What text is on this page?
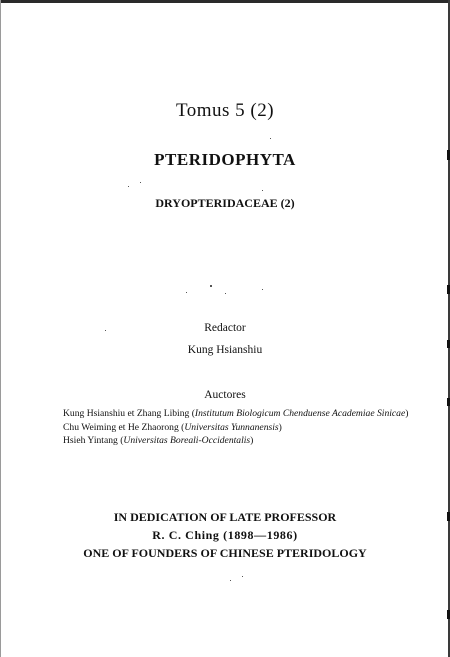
Tomus 5 (2)
PTERIDOPHYTA
DRYOPTERIDACEAE (2)
Redactor
Kung Hsianshiu
Auctores
Kung Hsianshiu et Zhang Libing (Institutum Biologicum Chenduense Academiae Sinicae)
Chu Weiming et He Zhaorong (Universitas Yunnanensis)
Hsieh Yintang (Universitas Boreali-Occidentalis)
IN DEDICATION OF LATE PROFESSOR
R. C. Ching (1898—1986)
ONE OF FOUNDERS OF CHINESE PTERIDOLOGY
